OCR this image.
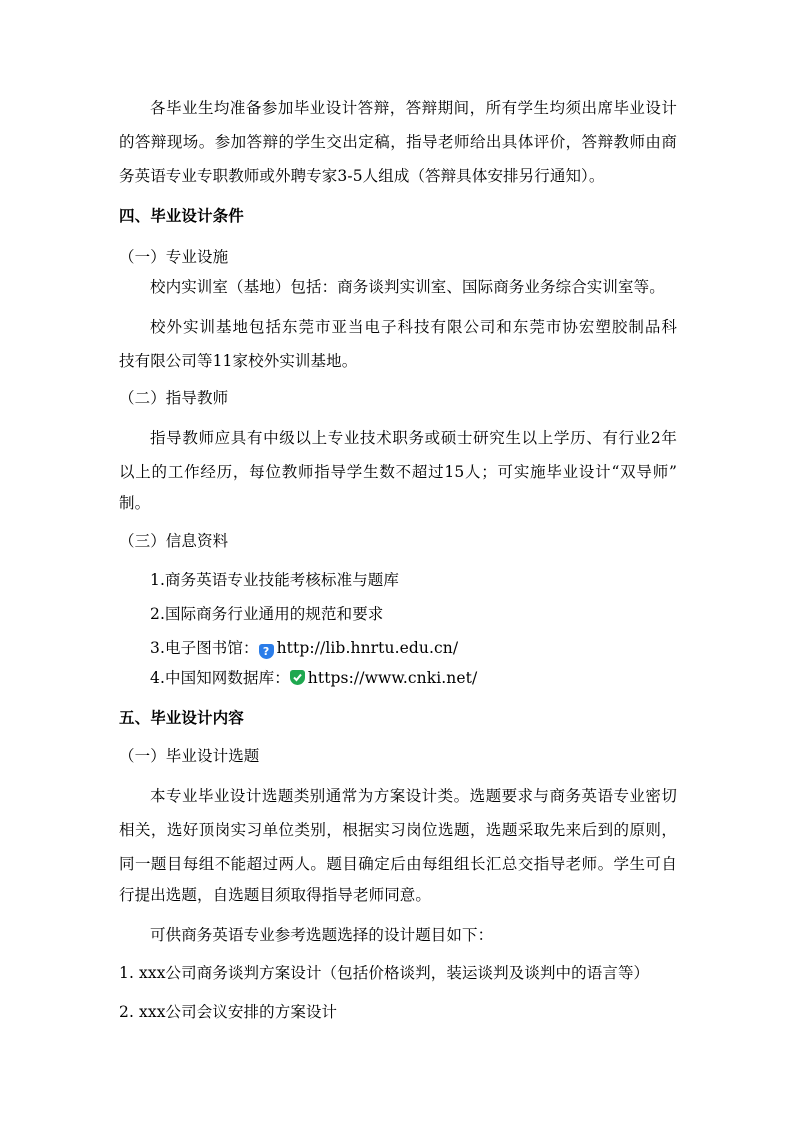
各毕业生均准备参加毕业设计答辩，答辩期间，所有学生均须出席毕业设计
的答辩现场。参加答辩的学生交出定稿，指导老师给出具体评价，答辩教师由商
务英语专业专职教师或外聘专家3-5人组成（答辩具体安排另行通知）。
四、毕业设计条件
（一）专业设施
校内实训室（基地）包括：商务谈判实训室、国际商务业务综合实训室等。
校外实训基地包括东莞市亚当电子科技有限公司和东莞市协宏塑胶制品科
技有限公司等11家校外实训基地。
（二）指导教师
指导教师应具有中级以上专业技术职务或硕士研究生以上学历、有行业2年
以上的工作经历，每位教师指导学生数不超过15人；可实施毕业设计“双导师”
制。
（三）信息资料
1.商务英语专业技能考核标准与题库
2.国际商务行业通用的规范和要求
3.电子图书馆： ? http://lib.hnrtu.edu.cn/
4.中国知网数据库： https://www.cnki.net/
五、毕业设计内容
（一）毕业设计选题
本专业毕业设计选题类别通常为方案设计类。选题要求与商务英语专业密切
相关，选好顶岗实习单位类别，根据实习岗位选题，选题采取先来后到的原则，
同一题目每组不能超过两人。题目确定后由每组组长汇总交指导老师。学生可自
行提出选题，自选题目须取得指导老师同意。
可供商务英语专业参考选题选择的设计题目如下：
1. xxx公司商务谈判方案设计（包括价格谈判，装运谈判及谈判中的语言等）
2. xxx公司会议安排的方案设计
